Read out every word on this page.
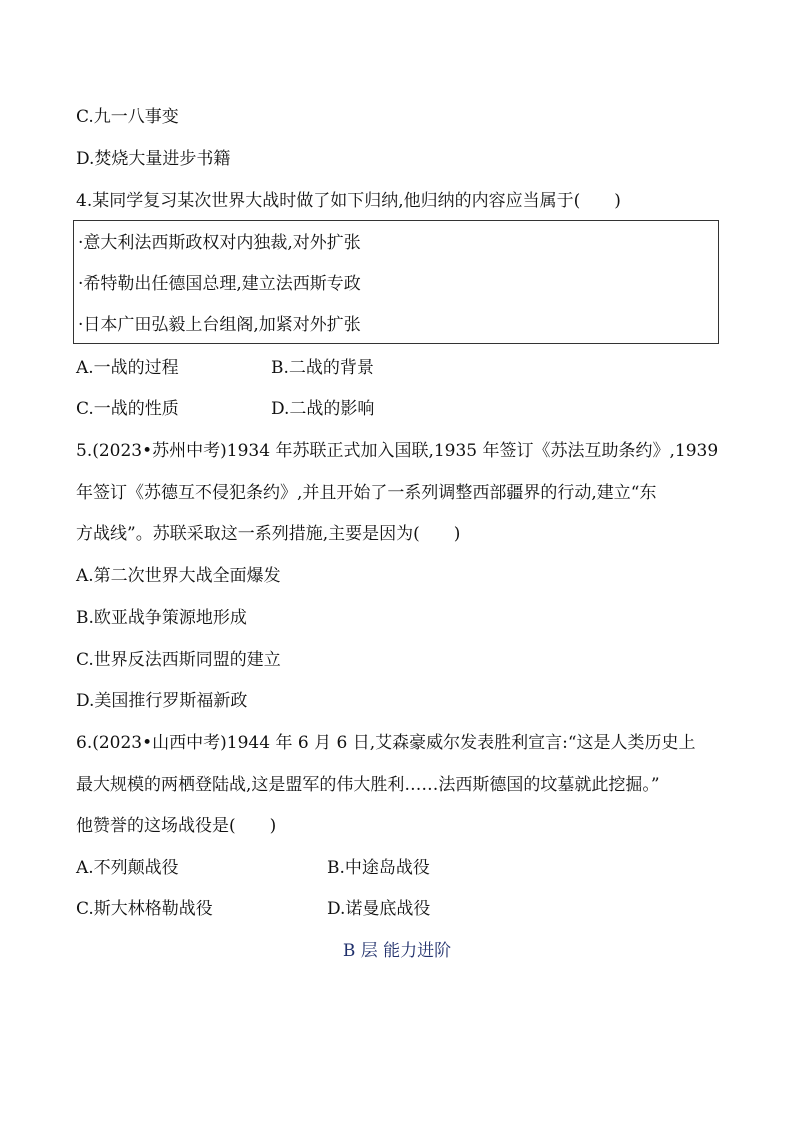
C.九一八事变
D.焚烧大量进步书籍
4.某同学复习某次世界大战时做了如下归纳,他归纳的内容应当属于(　　)
·意大利法西斯政权对内独裁,对外扩张
·希特勒出任德国总理,建立法西斯专政
·日本广田弘毅上台组阁,加紧对外扩张
A.一战的过程	B.二战的背景
C.一战的性质	D.二战的影响
5.(2023•苏州中考)1934 年苏联正式加入国联,1935 年签订《苏法互助条约》,1939
年签订《苏德互不侵犯条约》,并且开始了一系列调整西部疆界的行动,建立“东
方战线”。苏联采取这一系列措施,主要是因为(　　)
A.第二次世界大战全面爆发
B.欧亚战争策源地形成
C.世界反法西斯同盟的建立
D.美国推行罗斯福新政
6.(2023•山西中考)1944 年 6 月 6 日,艾森豪威尔发表胜利宣言:“这是人类历史上
最大规模的两栖登陆战,这是盟军的伟大胜利……法西斯德国的坟墓就此挖掘。”
他赞誉的这场战役是(　　)
A.不列颠战役	B.中途岛战役
C.斯大林格勒战役	D.诺曼底战役
B 层 能力进阶
